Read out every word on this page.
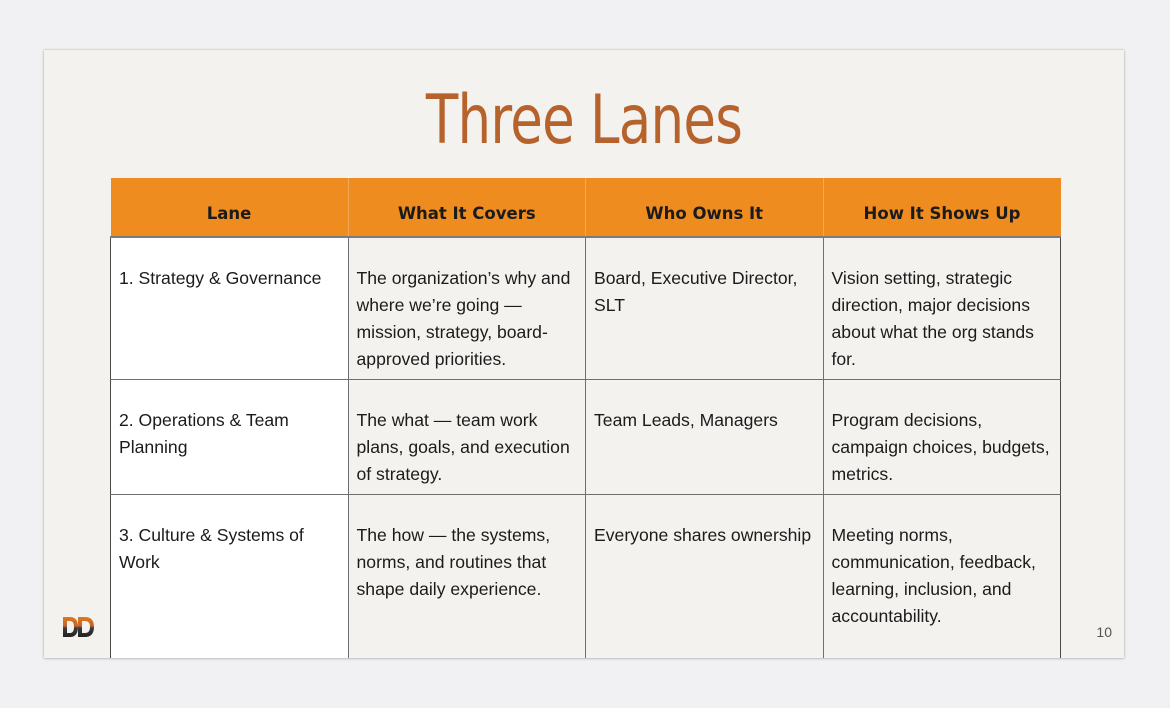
Three Lanes
Lane	What It Covers	Who Owns It	How It Shows Up
1. Strategy & Governance	The organization’s why and where we’re going — mission, strategy, board-approved priorities.	Board, Executive Director, SLT	Vision setting, strategic direction, major decisions about what the org stands for.
2. Operations & Team Planning	The what — team work plans, goals, and execution of strategy.	Team Leads, Managers	Program decisions, campaign choices, budgets, metrics.
3. Culture & Systems of Work	The how — the systems, norms, and routines that shape daily experience.	Everyone shares ownership	Meeting norms, communication, feedback, learning, inclusion, and accountability.
10
